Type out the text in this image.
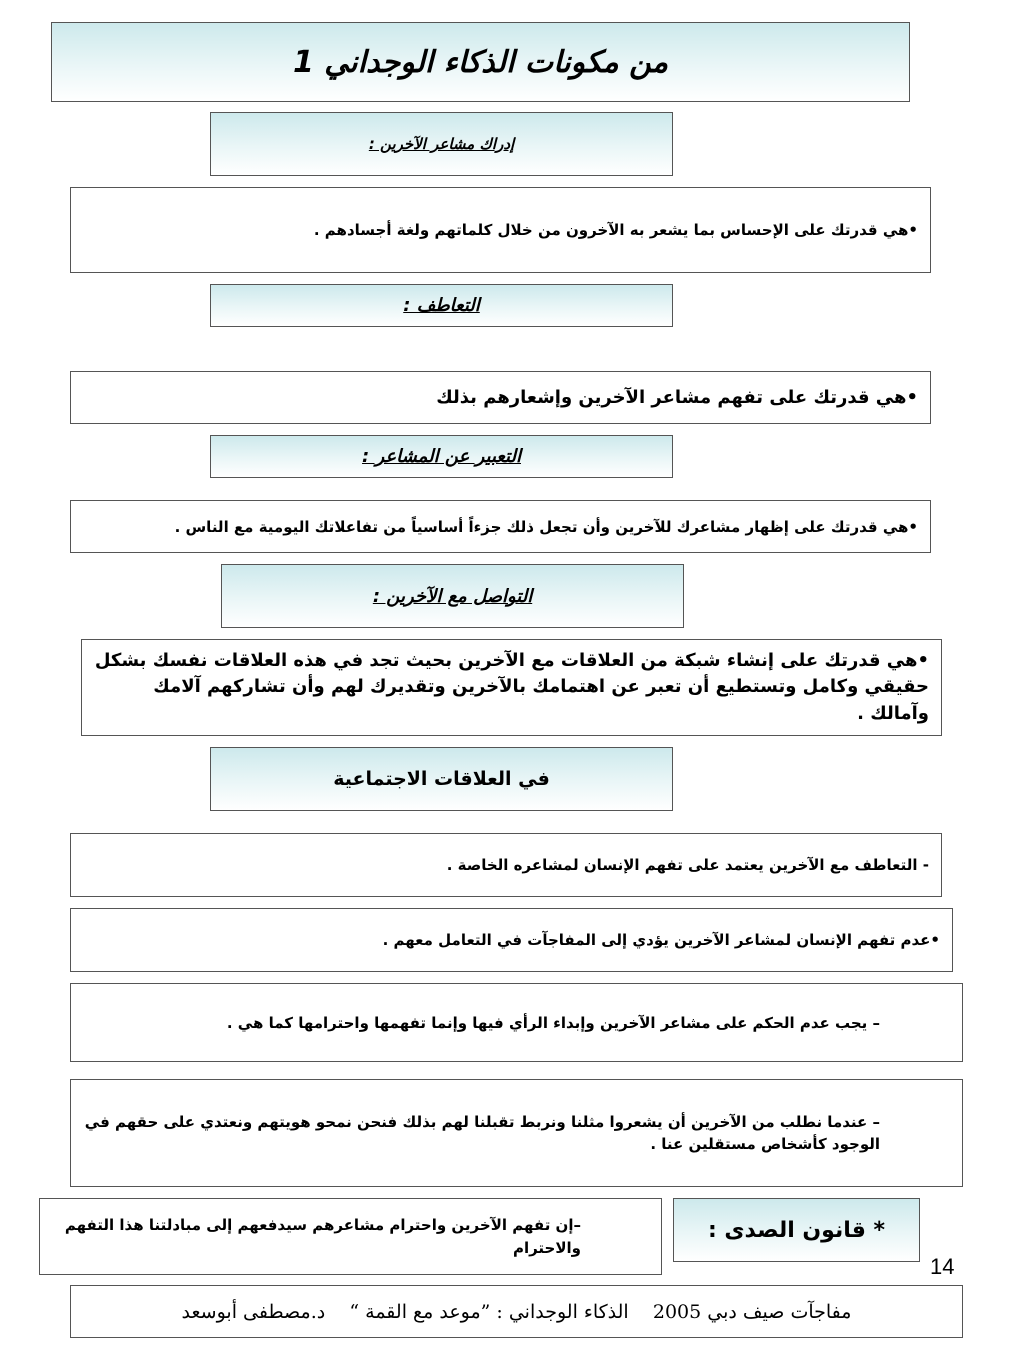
من مكونات الذكاء الوجداني 1
إدراك مشاعر الآخرين :
•هي قدرتك على الإحساس بما يشعر به الآخرون من خلال كلماتهم ولغة أجسادهم .
التعاطف :
•هي قدرتك على تفهم مشاعر الآخرين وإشعارهم بذلك
التعبير عن المشاعر :
•هي قدرتك على إظهار مشاعرك للآخرين وأن تجعل ذلك جزءاً أساسياً من تفاعلاتك اليومية مع الناس .
التواصل مع الآخرين :
•هي قدرتك على إنشاء شبكة من العلاقات مع الآخرين بحيث تجد في هذه العلاقات نفسك بشكل حقيقي وكامل وتستطيع أن تعبر عن اهتمامك بالآخرين وتقديرك لهم وأن تشاركهم آلامك وآمالك .
في العلاقات الاجتماعية
- التعاطف مع الآخرين يعتمد على تفهم الإنسان لمشاعره الخاصة .
•عدم تفهم الإنسان لمشاعر الآخرين يؤدي إلى المفاجآت في التعامل معهم .
– يجب عدم الحكم على مشاعر الآخرين وإبداء الرأي فيها وإنما تفهمها واحترامها كما هي .
– عندما نطلب من الآخرين أن يشعروا مثلنا ونربط تقبلنا لهم بذلك فنحن نمحو هويتهم ونعتدي على حقهم في الوجود كأشخاص مستقلين عنا .
–إن تفهم الآخرين واحترام مشاعرهم سيدفعهم إلى مبادلتنا هذا التفهم والاحترام
* قانون الصدى :
14
مفاجآت صيف دبي 2005    الذكاء الوجداني : ”موعد مع القمة “    د.مصطفى أبوسعد
